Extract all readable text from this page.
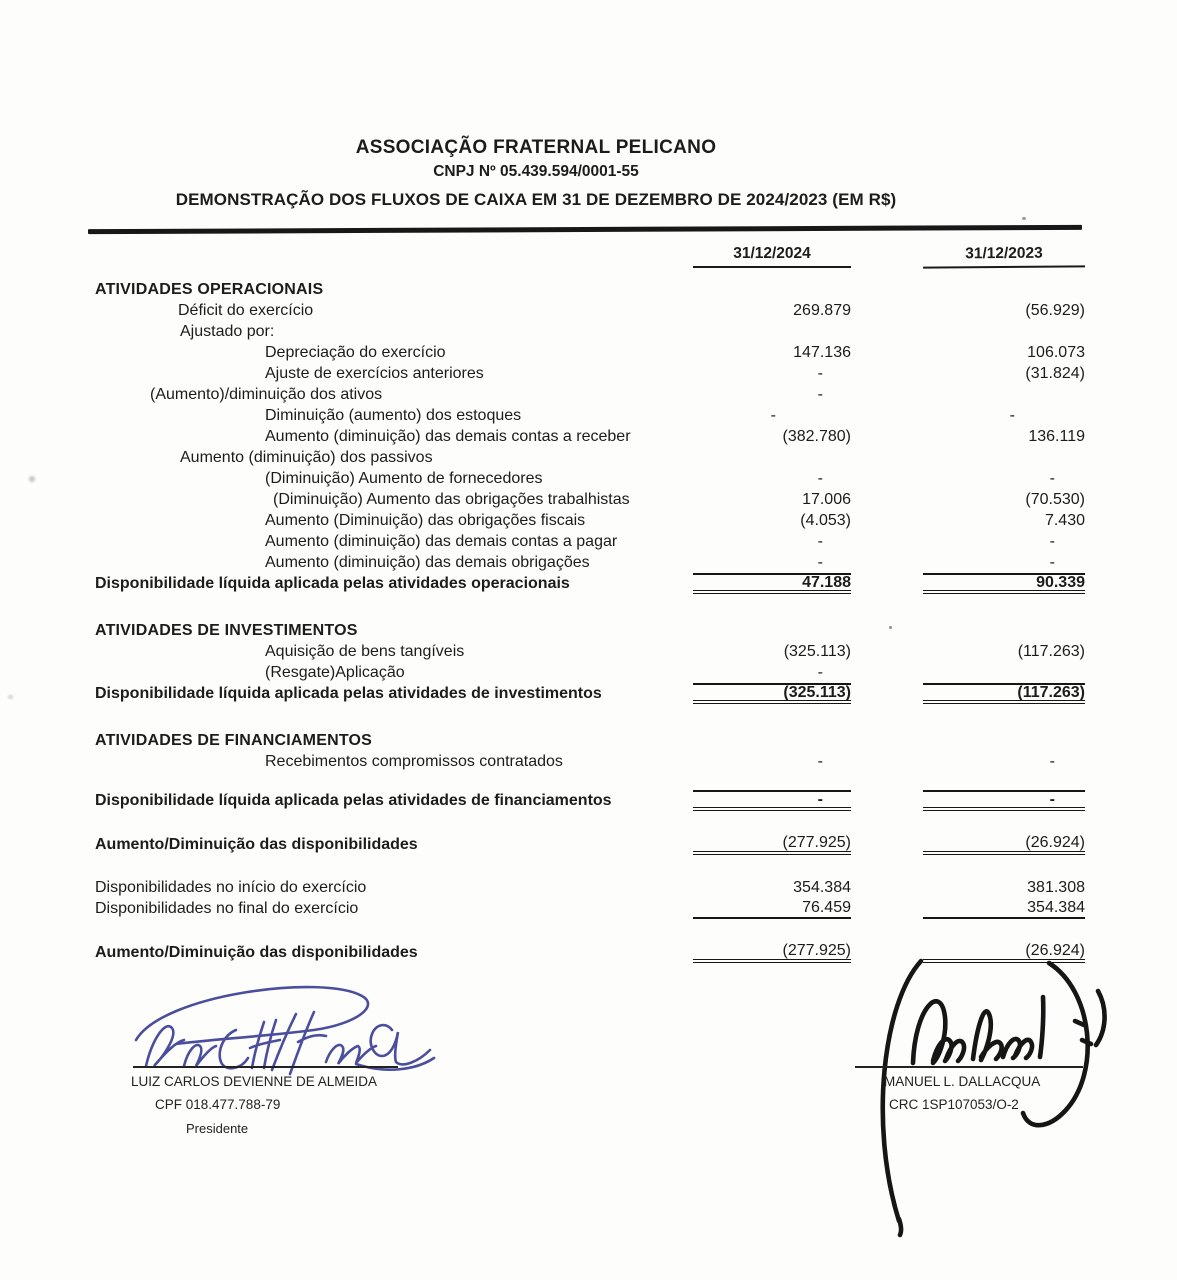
ASSOCIAÇÃO FRATERNAL PELICANO
CNPJ Nº 05.439.594/0001-55
DEMONSTRAÇÃO DOS FLUXOS DE CAIXA EM 31 DE DEZEMBRO DE 2024/2023 (EM R$)
31/12/2024	31/12/2023
ATIVIDADES OPERACIONAIS
Déficit do exercício	269.879	(56.929)
Ajustado por:
Depreciação do exercício	147.136	106.073
Ajuste de exercícios anteriores	-	(31.824)
(Aumento)/diminuição dos ativos	-
Diminuição (aumento) dos estoques	-	-
Aumento (diminuição) das demais contas a receber	(382.780)	136.119
Aumento (diminuição) dos passivos
(Diminuição) Aumento de fornecedores	-	-
(Diminuição) Aumento das obrigações trabalhistas	17.006	(70.530)
Aumento (Diminuição) das obrigações fiscais	(4.053)	7.430
Aumento (diminuição) das demais contas a pagar	-	-
Aumento (diminuição) das demais obrigações	-	-
Disponibilidade líquida aplicada pelas atividades operacionais	47.188	90.339
ATIVIDADES DE INVESTIMENTOS
Aquisição de bens tangíveis	(325.113)	(117.263)
(Resgate)Aplicação	-
Disponibilidade líquida aplicada pelas atividades de investimentos	(325.113)	(117.263)
ATIVIDADES DE FINANCIAMENTOS
Recebimentos compromissos contratados	-	-
Disponibilidade líquida aplicada pelas atividades de financiamentos	-	-
Aumento/Diminuição das disponibilidades	(277.925)	(26.924)
Disponibilidades no início do exercício	354.384	381.308
Disponibilidades no final do exercício	76.459	354.384
Aumento/Diminuição das disponibilidades	(277.925)	(26.924)
LUIZ CARLOS DEVIENNE DE ALMEIDA
CPF 018.477.788-79
Presidente
MANUEL L. DALLACQUA
CRC 1SP107053/O-2
